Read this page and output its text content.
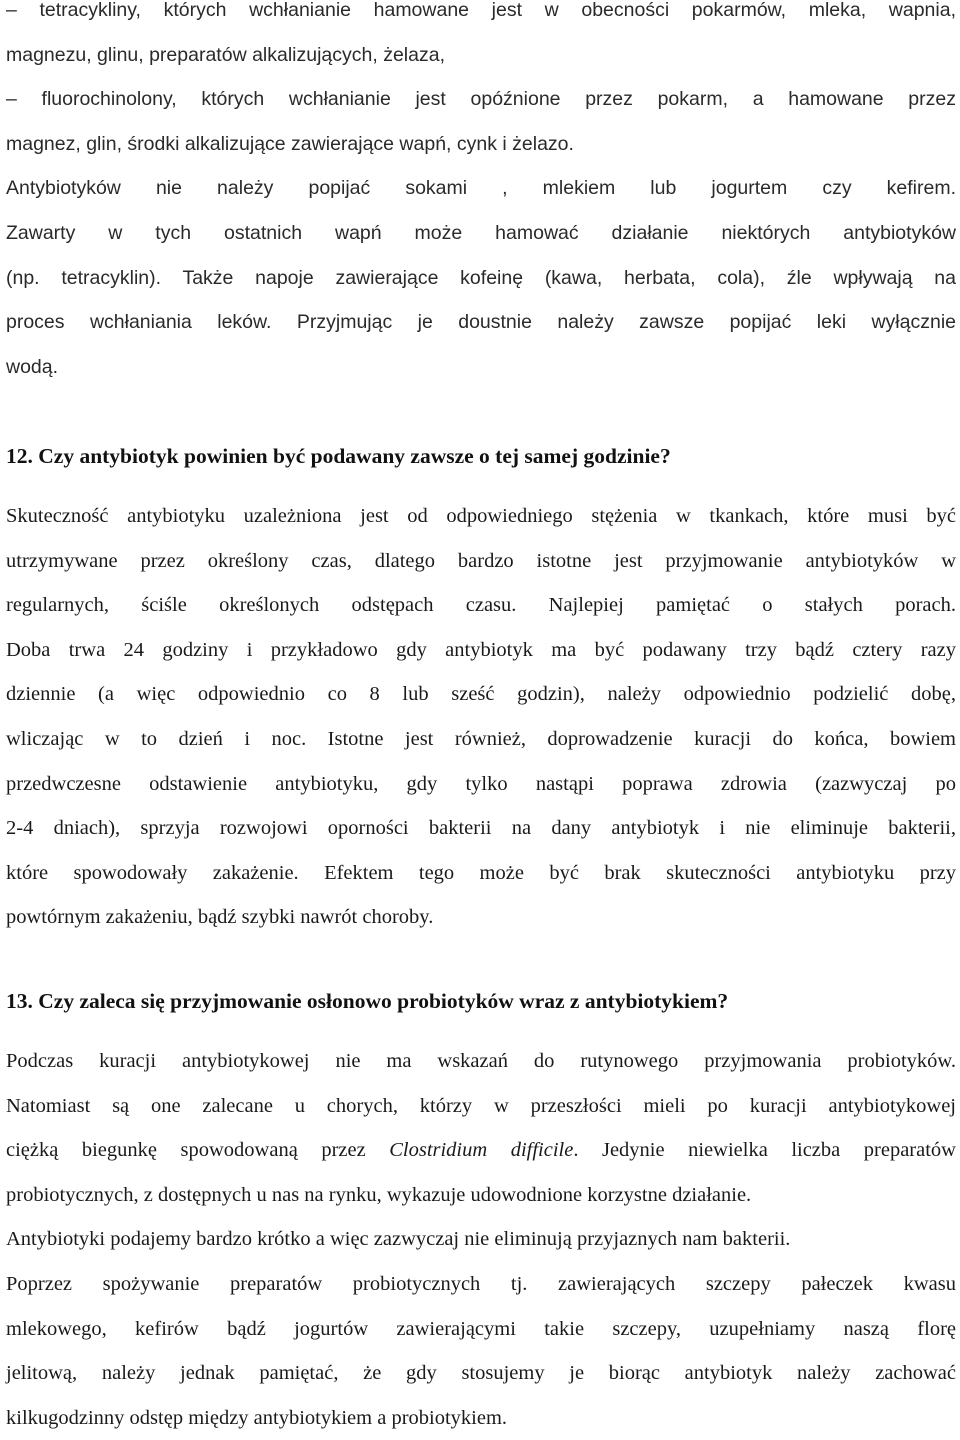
– tetracykliny, których wchłanianie hamowane jest w obecności pokarmów, mleka, wapnia,
magnezu, glinu, preparatów alkalizujących, żelaza,
– fluorochinolony, których wchłanianie jest opóźnione przez pokarm, a hamowane przez
magnez, glin, środki alkalizujące zawierające wapń, cynk i żelazo.
Antybiotyków nie należy popijać sokami , mlekiem lub jogurtem czy kefirem.
Zawarty w tych ostatnich wapń może hamować działanie niektórych antybiotyków
(np. tetracyklin). Także napoje zawierające kofeinę (kawa, herbata, cola), źle wpływają na
proces wchłaniania leków. Przyjmując je doustnie należy zawsze popijać leki wyłącznie
wodą.
12. Czy antybiotyk powinien być podawany zawsze o tej samej godzinie?
Skuteczność antybiotyku uzależniona jest od odpowiedniego stężenia w tkankach, które musi być
utrzymywane przez określony czas, dlatego bardzo istotne jest przyjmowanie antybiotyków w
regularnych, ściśle określonych odstępach czasu. Najlepiej pamiętać o stałych porach.
Doba trwa 24 godziny i przykładowo gdy antybiotyk ma być podawany trzy bądź cztery razy
dziennie (a więc odpowiednio co 8 lub sześć godzin), należy odpowiednio podzielić dobę,
wliczając w to dzień i noc. Istotne jest również, doprowadzenie kuracji do końca, bowiem
przedwczesne odstawienie antybiotyku, gdy tylko nastąpi poprawa zdrowia (zazwyczaj po
2-4 dniach), sprzyja rozwojowi oporności bakterii na dany antybiotyk i nie eliminuje bakterii,
które spowodowały zakażenie. Efektem tego może być brak skuteczności antybiotyku przy
powtórnym zakażeniu, bądź szybki nawrót choroby.
13. Czy zaleca się przyjmowanie osłonowo probiotyków wraz z antybiotykiem?
Podczas kuracji antybiotykowej nie ma wskazań do rutynowego przyjmowania probiotyków.
Natomiast są one zalecane u chorych, którzy w przeszłości mieli po kuracji antybiotykowej
ciężką biegunkę spowodowaną przez Clostridium difficile. Jedynie niewielka liczba preparatów
probiotycznych, z dostępnych u nas na rynku, wykazuje udowodnione korzystne działanie.
Antybiotyki podajemy bardzo krótko a więc zazwyczaj nie eliminują przyjaznych nam bakterii.
Poprzez spożywanie preparatów probiotycznych tj. zawierających szczepy pałeczek kwasu
mlekowego, kefirów bądź jogurtów zawierającymi takie szczepy, uzupełniamy naszą florę
jelitową, należy jednak pamiętać, że gdy stosujemy je biorąc antybiotyk należy zachować
kilkugodzinny odstęp między antybiotykiem a probiotykiem.
